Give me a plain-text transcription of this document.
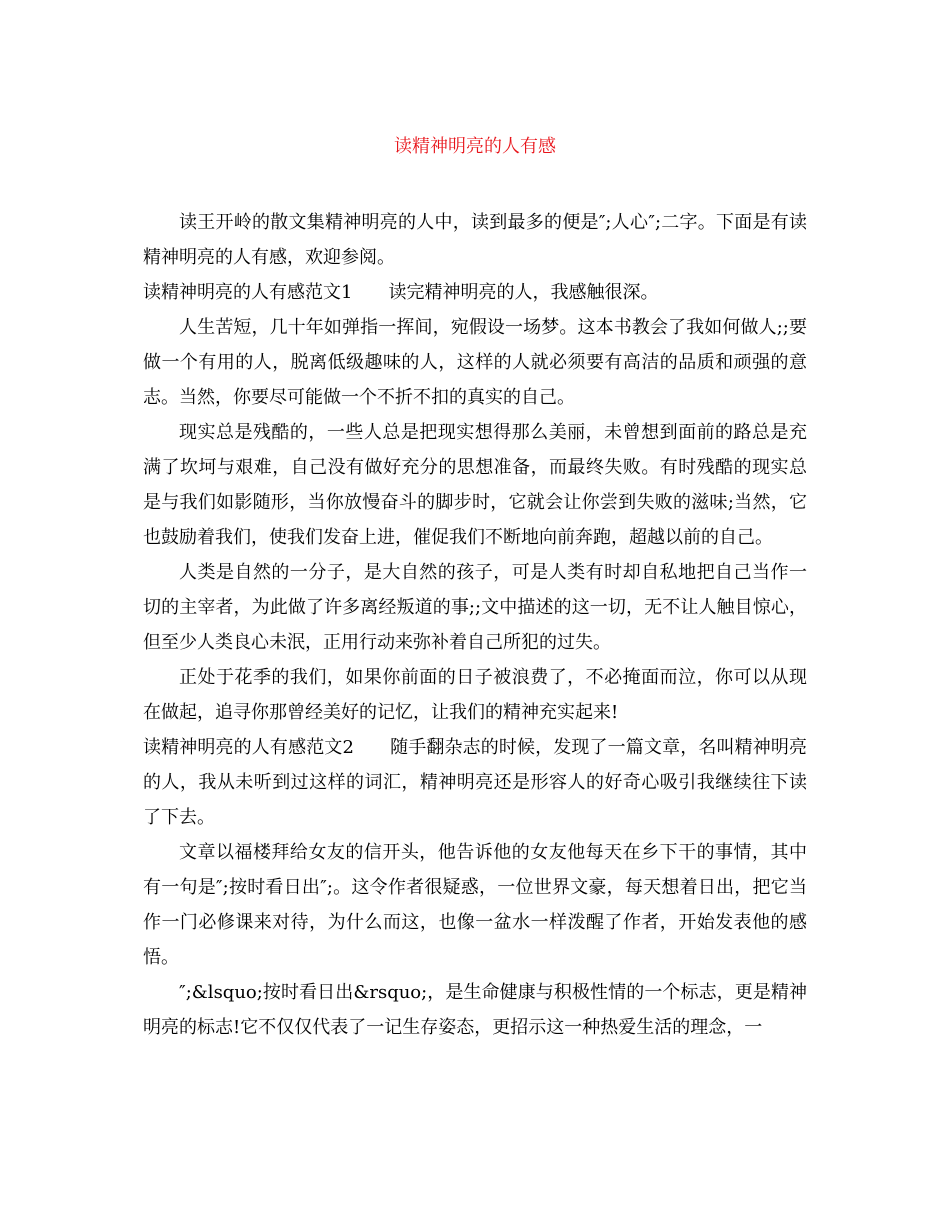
读精神明亮的人有感

读王开岭的散文集精神明亮的人中，读到最多的便是″;人心″;二字。下面是有读精神明亮的人有感，欢迎参阅。

读精神明亮的人有感范文1 读完精神明亮的人，我感触很深。

人生苦短，几十年如弹指一挥间，宛假设一场梦。这本书教会了我如何做人;;要做一个有用的人，脱离低级趣味的人，这样的人就必须要有高洁的品质和顽强的意志。当然，你要尽可能做一个不折不扣的真实的自己。

现实总是残酷的，一些人总是把现实想得那么美丽，未曾想到面前的路总是充满了坎坷与艰难，自己没有做好充分的思想准备，而最终失败。有时残酷的现实总是与我们如影随形，当你放慢奋斗的脚步时，它就会让你尝到失败的滋味;当然，它也鼓励着我们，使我们发奋上进，催促我们不断地向前奔跑，超越以前的自己。

人类是自然的一分子，是大自然的孩子，可是人类有时却自私地把自己当作一切的主宰者，为此做了许多离经叛道的事;;文中描述的这一切，无不让人触目惊心，但至少人类良心未泯，正用行动来弥补着自己所犯的过失。

正处于花季的我们，如果你前面的日子被浪费了，不必掩面而泣，你可以从现在做起，追寻你那曾经美好的记忆，让我们的精神充实起来!

读精神明亮的人有感范文2 随手翻杂志的时候，发现了一篇文章，名叫精神明亮的人，我从未听到过这样的词汇，精神明亮还是形容人的好奇心吸引我继续往下读了下去。

文章以福楼拜给女友的信开头，他告诉他的女友他每天在乡下干的事情，其中有一句是″;按时看日出″;。这令作者很疑惑，一位世界文豪，每天想着日出，把它当作一门必修课来对待，为什么而这，也像一盆水一样泼醒了作者，开始发表他的感悟。

″;&lsquo;按时看日出&rsquo;，是生命健康与积极性情的一个标志，更是精神明亮的标志!它不仅仅代表了一记生存姿态，更招示这一种热爱生活的理念，一
